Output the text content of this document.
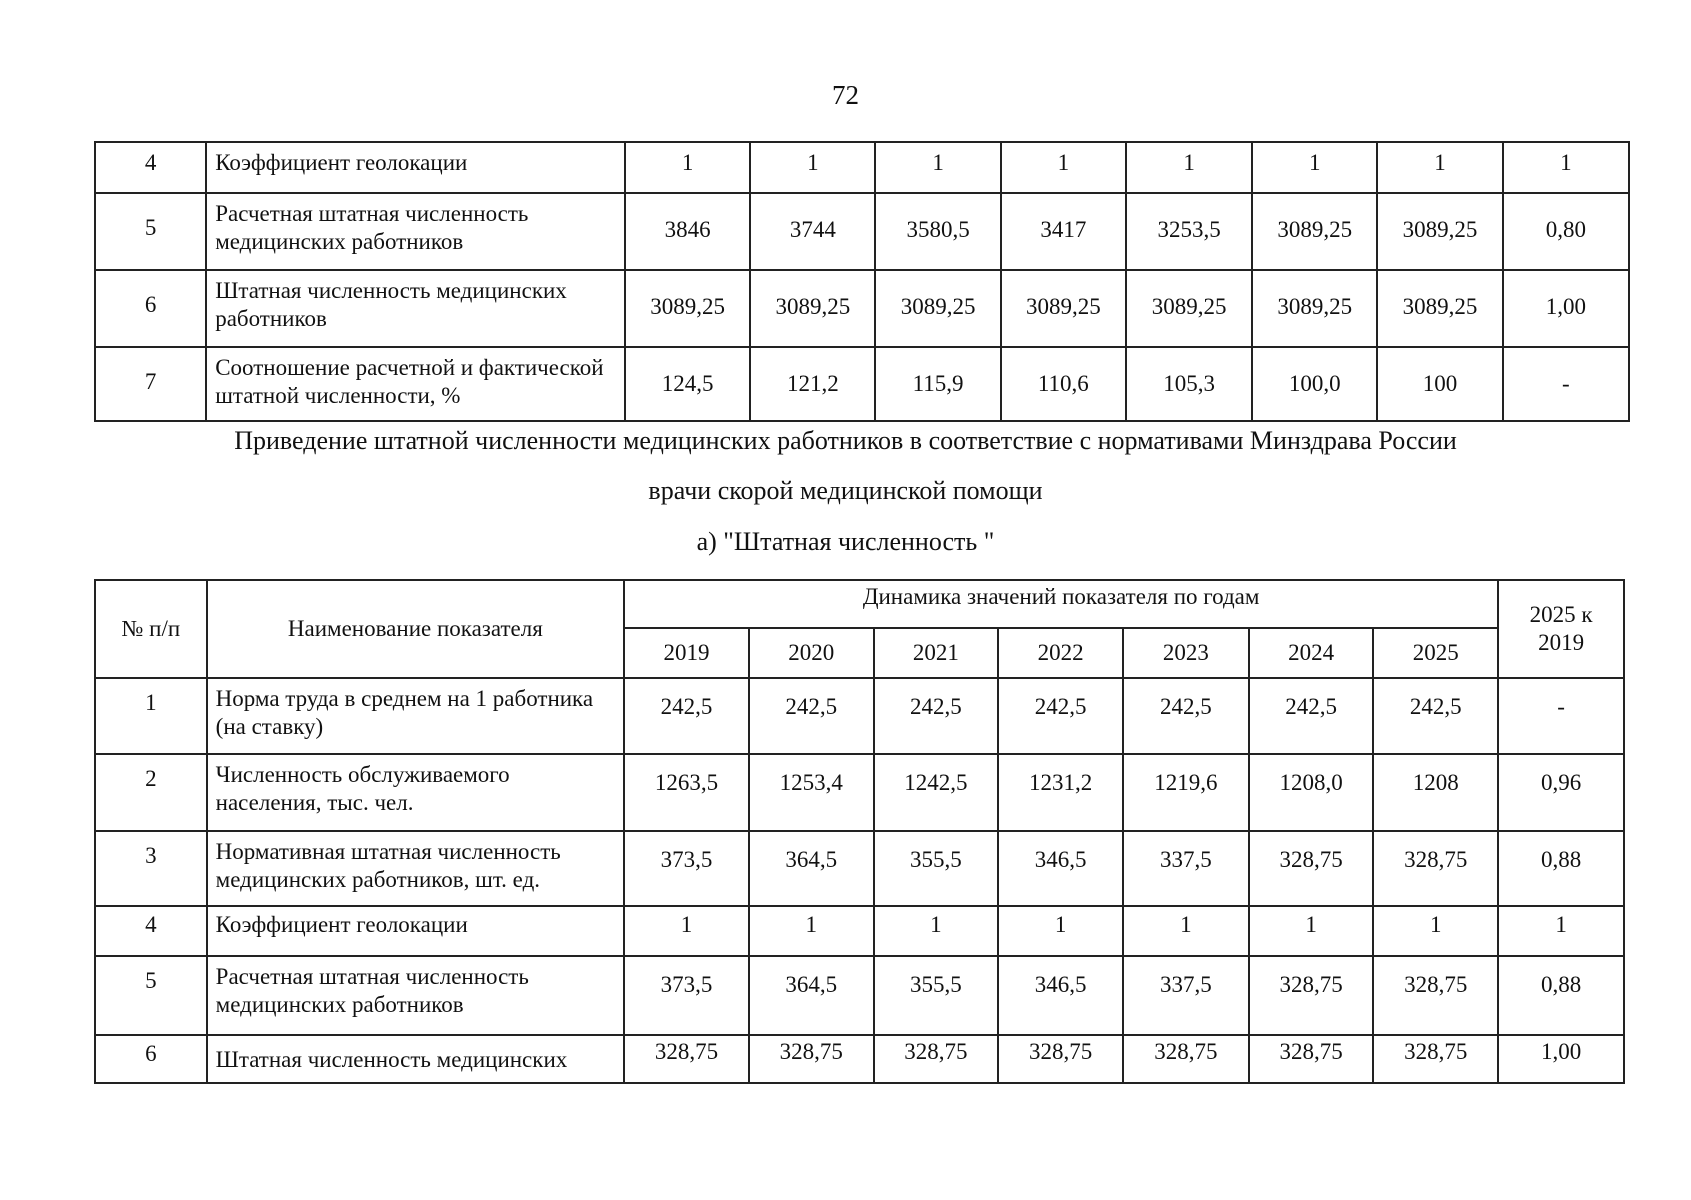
72
4	Коэффициент геолокации	1	1	1	1	1	1	1	1
5	Расчетная штатная численность медицинских работников	3846	3744	3580,5	3417	3253,5	3089,25	3089,25	0,80
6	Штатная численность медицинских работников	3089,25	3089,25	3089,25	3089,25	3089,25	3089,25	3089,25	1,00
7	Соотношение расчетной и фактической штатной численности, %	124,5	121,2	115,9	110,6	105,3	100,0	100	-
Приведение штатной численности медицинских работников в соответствие с нормативами Минздрава России
врачи скорой медицинской помощи
а) "Штатная численность "
№ п/п	Наименование показателя	Динамика значений показателя по годам							2025 к 2019
		2019	2020	2021	2022	2023	2024	2025	
1	Норма труда в среднем на 1 работника (на ставку)	242,5	242,5	242,5	242,5	242,5	242,5	242,5	-
2	Численность обслуживаемого населения, тыс. чел.	1263,5	1253,4	1242,5	1231,2	1219,6	1208,0	1208	0,96
3	Нормативная штатная численность медицинских работников, шт. ед.	373,5	364,5	355,5	346,5	337,5	328,75	328,75	0,88
4	Коэффициент геолокации	1	1	1	1	1	1	1	1
5	Расчетная штатная численность медицинских работников	373,5	364,5	355,5	346,5	337,5	328,75	328,75	0,88
6	Штатная численность медицинских	328,75	328,75	328,75	328,75	328,75	328,75	328,75	1,00
